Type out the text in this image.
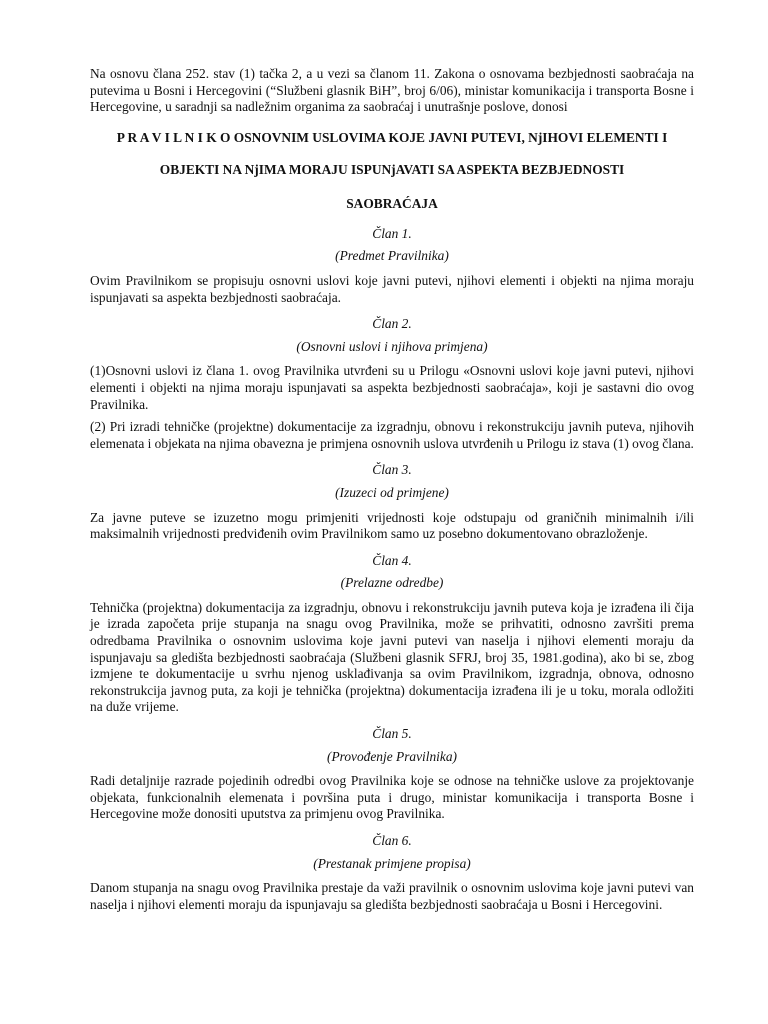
Na osnovu člana 252. stav (1) tačka 2, a u vezi sa članom 11. Zakona o osnovama bezbjednosti saobraćaja na putevima u Bosni i Hercegovini (“Službeni glasnik BiH”, broj 6/06), ministar komunikacija i transporta Bosne i Hercegovine, u saradnji sa nadležnim organima za saobraćaj i unutrašnje poslove, donosi

P R A V I L N I K O OSNOVNIM USLOVIMA KOJE JAVNI PUTEVI, NjIHOVI ELEMENTI I

OBJEKTI NA NjIMA MORAJU ISPUNjAVATI SA ASPEKTA BEZBJEDNOSTI

SAOBRAĆAJA

Član 1.

(Predmet Pravilnika)

Ovim Pravilnikom se propisuju osnovni uslovi koje javni putevi, njihovi elementi i objekti na njima moraju ispunjavati sa aspekta bezbjednosti saobraćaja.

Član 2.

(Osnovni uslovi i njihova primjena)

(1)Osnovni uslovi iz člana 1. ovog Pravilnika utvrđeni su u Prilogu «Osnovni uslovi koje javni putevi, njihovi elementi i objekti na njima moraju ispunjavati sa aspekta bezbjednosti saobraćaja», koji je sastavni dio ovog Pravilnika.

(2) Pri izradi tehničke (projektne) dokumentacije za izgradnju, obnovu i rekonstrukciju javnih puteva, njihovih elemenata i objekata na njima obavezna je primjena osnovnih uslova utvrđenih u Prilogu iz stava (1) ovog člana.

Član 3.

(Izuzeci od primjene)

Za javne puteve se izuzetno mogu primjeniti vrijednosti koje odstupaju od graničnih minimalnih i/ili maksimalnih vrijednosti predviđenih ovim Pravilnikom samo uz posebno dokumentovano obrazloženje.

Član 4.

(Prelazne odredbe)

Tehnička (projektna) dokumentacija za izgradnju, obnovu i rekonstrukciju javnih puteva koja je izrađena ili čija je izrada započeta prije stupanja na snagu ovog Pravilnika, može se prihvatiti, odnosno završiti prema odredbama Pravilnika o osnovnim uslovima koje javni putevi van naselja i njihovi elementi moraju da ispunjavaju sa gledišta bezbjednosti saobraćaja (Službeni glasnik SFRJ, broj 35, 1981.godina), ako bi se, zbog izmjene te dokumentacije u svrhu njenog usklađivanja sa ovim Pravilnikom, izgradnja, obnova, odnosno rekonstrukcija javnog puta, za koji je tehnička (projektna) dokumentacija izrađena ili je u toku, morala odložiti na duže vrijeme.

Član 5.

(Provođenje Pravilnika)

Radi detaljnije razrade pojedinih odredbi ovog Pravilnika koje se odnose na tehničke uslove za projektovanje objekata, funkcionalnih elemenata i površina puta i drugo, ministar komunikacija i transporta Bosne i Hercegovine može donositi uputstva za primjenu ovog Pravilnika.

Član 6.

(Prestanak primjene propisa)

Danom stupanja na snagu ovog Pravilnika prestaje da važi pravilnik o osnovnim uslovima koje javni putevi van naselja i njihovi elementi moraju da ispunjavaju sa gledišta bezbjednosti saobraćaja u Bosni i Hercegovini.
